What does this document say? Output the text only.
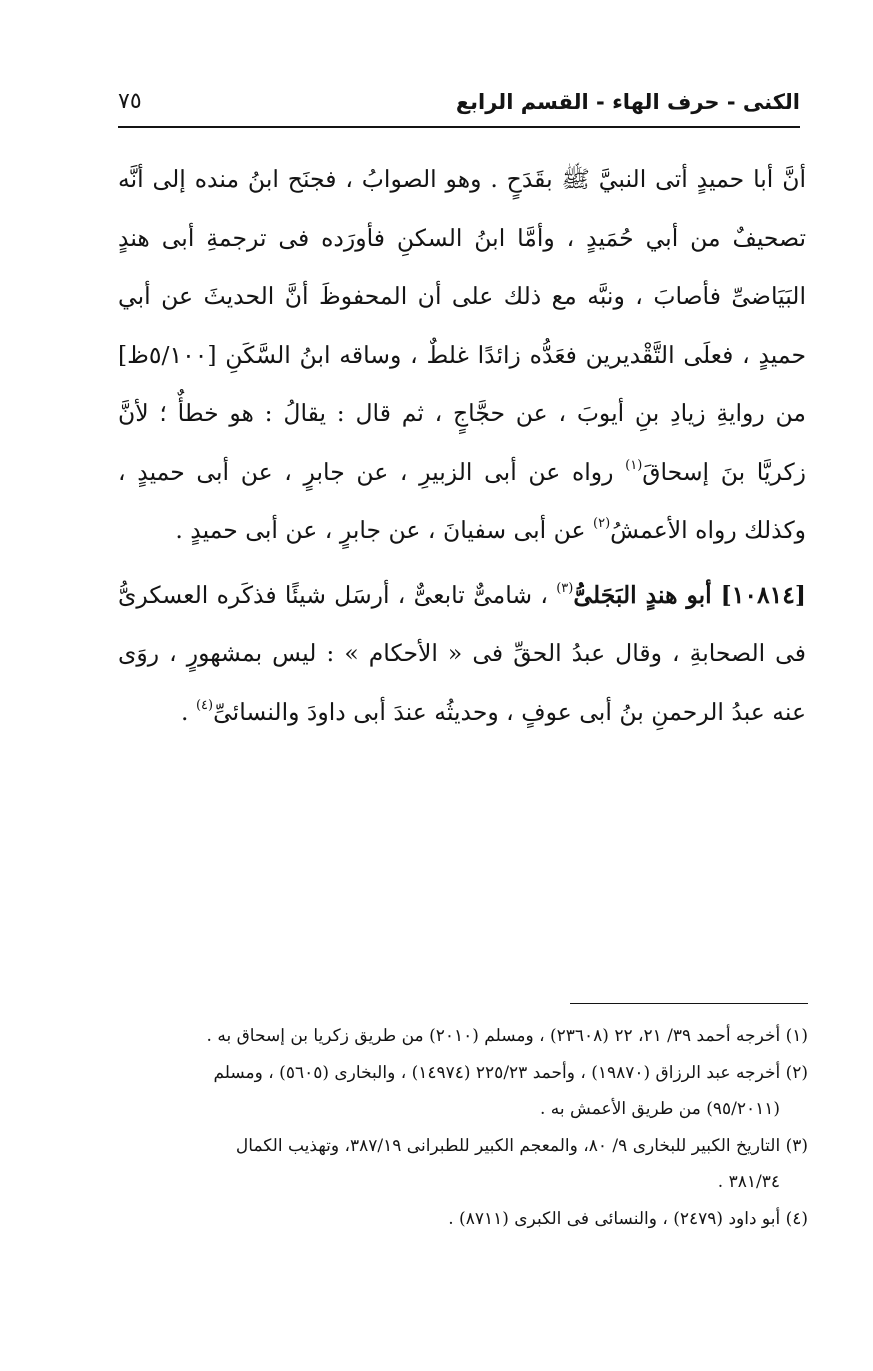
الكنى - حرف الهاء - القسم الرابع
٧٥

أنَّ أبا حميدٍ أتى النبيَّ ﷺ بقَدَحٍ . وهو الصوابُ ، فجنَح ابنُ منده إلى أنَّه تصحيفٌ من أبي حُمَيدٍ ، وأمَّا ابنُ السكنِ فأورَده فى ترجمةِ أبى هندٍ البَيَاضىِّ فأصابَ ، ونبَّه مع ذلك على أن المحفوظَ أنَّ الحديثَ عن أبي حميدٍ ، فعلَى التَّقْديرين فعَدُّه زائدًا غلطٌ ، وساقه ابنُ السَّكَنِ [٥/١٠٠ظ] من روايةِ زيادِ بنِ أيوبَ ، عن حجَّاجٍ ، ثم قال : يقالُ : هو خطأٌ ؛ لأنَّ زكريَّا بنَ إسحاقَ$^{(١)}$ رواه عن أبى الزبيرِ ، عن جابرٍ ، عن أبى حميدٍ ، وكذلك رواه الأعمشُ$^{(٢)}$ عن أبى سفيانَ ، عن جابرٍ ، عن أبى حميدٍ .

[١٠٨١٤] أبو هندٍ البَجَلىُّ$^{(٣)}$ ، شامىٌّ تابعىٌّ ، أرسَل شيئًا فذكَره العسكرىُّ فى الصحابةِ ، وقال عبدُ الحقِّ فى « الأحكام » : ليس بمشهورٍ ، روَى عنه عبدُ الرحمنِ بنُ أبى عوفٍ ، وحديثُه عندَ أبى داودَ والنسائىِّ$^{(٤)}$ .

(١) أخرجه أحمد ٣٩/ ٢١، ٢٢ (٢٣٦٠٨) ، ومسلم (٢٠١٠) من طريق زكريا بن إسحاق به .

(٢) أخرجه عبد الرزاق (١٩٨٧٠) ، وأحمد ٢٢٥/٢٣ (١٤٩٧٤) ، والبخارى (٥٦٠٥) ، ومسلم
(٩٥/٢٠١١) من طريق الأعمش به .

(٣) التاريخ الكبير للبخارى ٩/ ٨٠، والمعجم الكبير للطبرانى ٣٨٧/١٩، وتهذيب الكمال
٣٨١/٣٤ .

(٤) أبو داود (٢٤٧٩) ، والنسائى فى الكبرى (٨٧١١) .
